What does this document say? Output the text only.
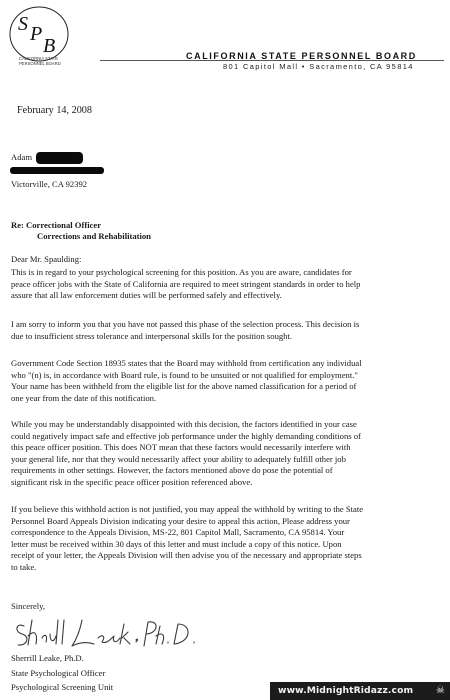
S P
B
CALIFORNIA STATE
PERSONNEL BOARD
CALIFORNIA STATE PERSONNEL BOARD
801 Capitol Mall • Sacramento, CA 95814
February 14, 2008
Adam
Victorville, CA 92392
Re: Correctional Officer
Corrections and Rehabilitation
Dear Mr. Spaulding:
This is in regard to your psychological screening for this position. As you are aware, candidates for
peace officer jobs with the State of California are required to meet stringent standards in order to help
assure that all law enforcement duties will be performed safely and effectively.
I am sorry to inform you that you have not passed this phase of the selection process. This decision is
due to insufficient stress tolerance and interpersonal skills for the position sought.
Government Code Section 18935 states that the Board may withhold from certification any individual
who "(n) is, in accordance with Board rule, is found to be unsuited or not qualified for employment."
Your name has been withheld from the eligible list for the above named classification for a period of
one year from the date of this notification.
While you may be understandably disappointed with this decision, the factors identified in your case
could negatively impact safe and effective job performance under the highly demanding conditions of
this peace officer position. This does NOT mean that these factors would necessarily interfere with
your general life, nor that they would necessarily affect your ability to adequately fulfill other job
requirements in other settings. However, the factors mentioned above do pose the potential of
significant risk in the specific peace officer position referenced above.
If you believe this withhold action is not justified, you may appeal the withhold by writing to the State
Personnel Board Appeals Division indicating your desire to appeal this action, Please address your
correspondence to the Appeals Division, MS-22, 801 Capitol Mall, Sacramento, CA 95814. Your
letter must be received within 30 days of this letter and must include a copy of this notice. Upon
receipt of your letter, the Appeals Division will then advise you of the necessary and appropriate steps
to take.
Sincerely,
Sherrill Leake, Ph.D.
State Psychological Officer
Psychological Screening Unit	www.MidnightRidazz.com ☠
